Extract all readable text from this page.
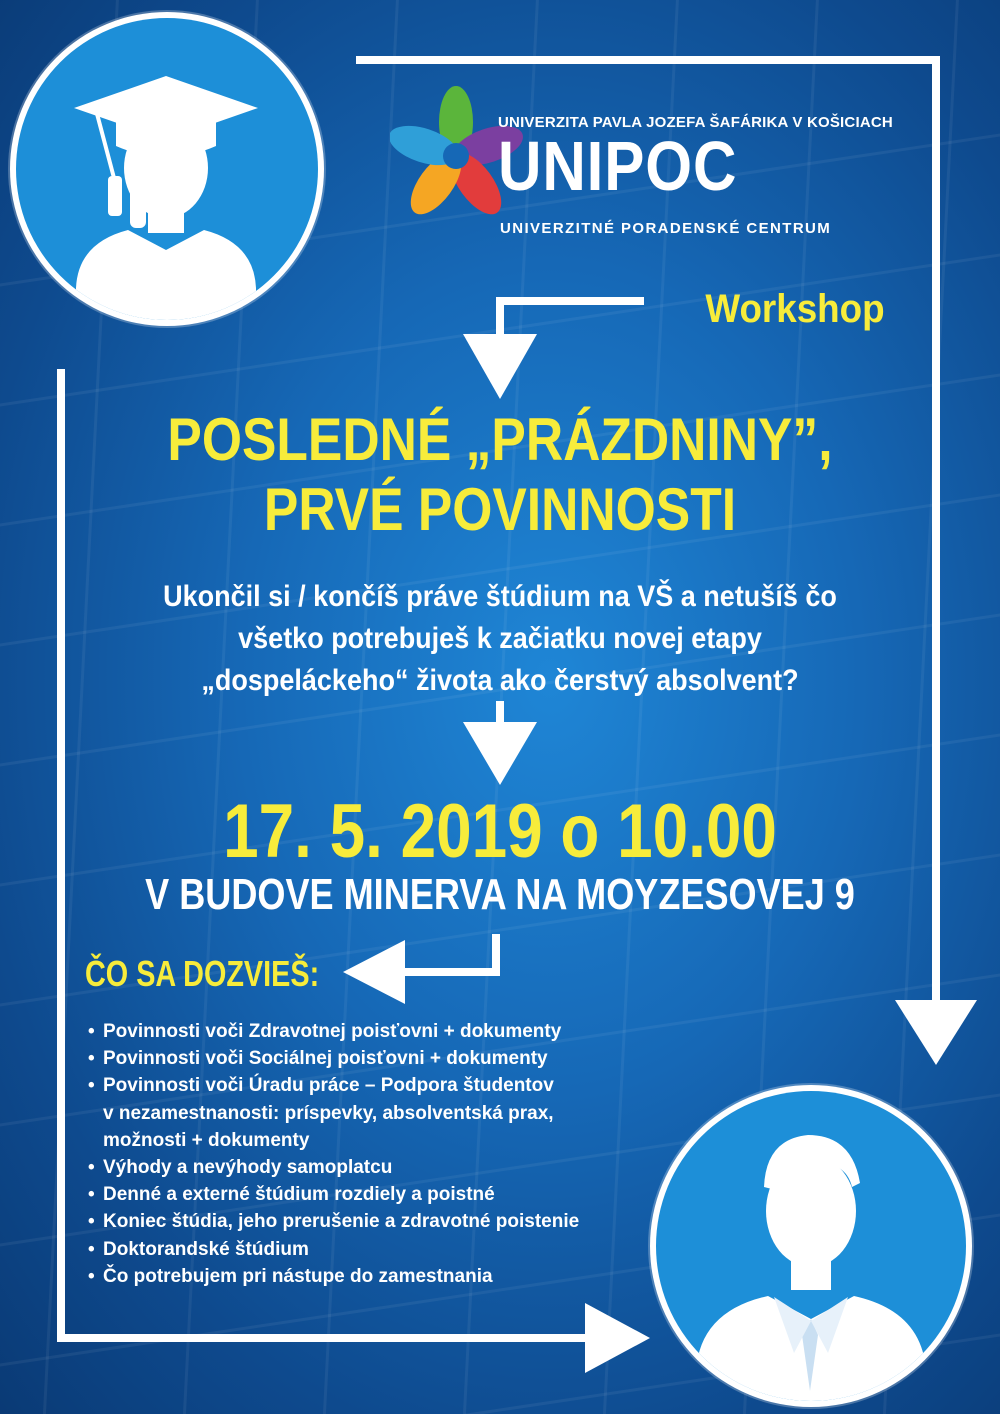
UNIVERZITA PAVLA JOZEFA ŠAFÁRIKA V KOŠICIACH
UNIPOC
UNIVERZITNÉ PORADENSKÉ CENTRUM
Workshop
POSLEDNÉ „PRÁZDNINY”,
PRVÉ POVINNOSTI
Ukončil si / končíš práve štúdium na VŠ a netušíš čo
všetko potrebuješ k začiatku novej etapy
„dospeláckeho“ života ako čerstvý absolvent?
17. 5. 2019 o 10.00
V BUDOVE MINERVA NA MOYZESOVEJ 9
ČO SA DOZVIEŠ:
• Povinnosti voči Zdravotnej poisťovni + dokumenty
• Povinnosti voči Sociálnej poisťovni + dokumenty
• Povinnosti voči Úradu práce – Podpora študentov
v nezamestnanosti: príspevky, absolventská prax,
možnosti + dokumenty
• Výhody a nevýhody samoplatcu
• Denné a externé štúdium rozdiely a poistné
• Koniec štúdia, jeho prerušenie a zdravotné poistenie
• Doktorandské štúdium
• Čo potrebujem pri nástupe do zamestnania
